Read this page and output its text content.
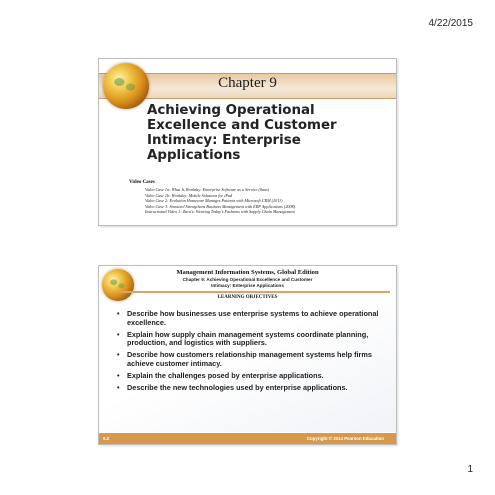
4/22/2015
Chapter 9
Achieving Operational
Excellence and Customer
Intimacy: Enterprise
Applications
Video Cases
Video Case 1a: What Is Workday: Enterprise Software as a Service (Saas)
Video Case 1b: Workday: Mobile Solutions for iPad
Video Case 2: Evolution Homecare Manages Patients with Microsoft CRM (2011)
Video Case 3: Sinosteel Strengthens Business Management with ERP Applications (2008)
Instructional Video 1: Zara’s: Wearing Today’s Fashions with Supply Chain Management
Management Information Systems, Global Edition
Chapter 9: Achieving Operational Excellence and Customer
Intimacy: Enterprise Applications
LEARNING OBJECTIVES
• Describe how businesses use enterprise systems to achieve operational excellence.
• Explain how supply chain management systems coordinate planning, production, and logistics with suppliers.
• Describe how customers relationship management systems help firms achieve customer intimacy.
• Explain the challenges posed by enterprise applications.
• Describe the new technologies used by enterprise applications.
9.2	Copyright © 2014 Pearson Education
1
